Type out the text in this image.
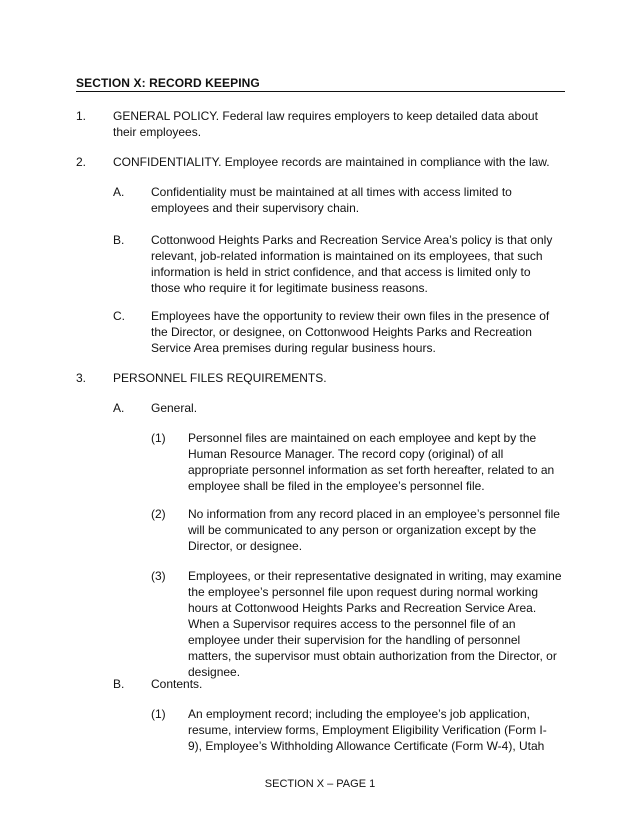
SECTION X: RECORD KEEPING
1. GENERAL POLICY. Federal law requires employers to keep detailed data about their employees.
2. CONFIDENTIALITY. Employee records are maintained in compliance with the law.
A. Confidentiality must be maintained at all times with access limited to employees and their supervisory chain.
B. Cottonwood Heights Parks and Recreation Service Area’s policy is that only relevant, job-related information is maintained on its employees, that such information is held in strict confidence, and that access is limited only to those who require it for legitimate business reasons.
C. Employees have the opportunity to review their own files in the presence of the Director, or designee, on Cottonwood Heights Parks and Recreation Service Area premises during regular business hours.
3. PERSONNEL FILES REQUIREMENTS.
A. General.
(1) Personnel files are maintained on each employee and kept by the Human Resource Manager. The record copy (original) of all appropriate personnel information as set forth hereafter, related to an employee shall be filed in the employee’s personnel file.
(2) No information from any record placed in an employee’s personnel file will be communicated to any person or organization except by the Director, or designee.
(3) Employees, or their representative designated in writing, may examine the employee’s personnel file upon request during normal working hours at Cottonwood Heights Parks and Recreation Service Area. When a Supervisor requires access to the personnel file of an employee under their supervision for the handling of personnel matters, the supervisor must obtain authorization from the Director, or designee.
B. Contents.
(1) An employment record; including the employee’s job application, resume, interview forms, Employment Eligibility Verification (Form I-9), Employee’s Withholding Allowance Certificate (Form W-4), Utah
SECTION X – PAGE 1
